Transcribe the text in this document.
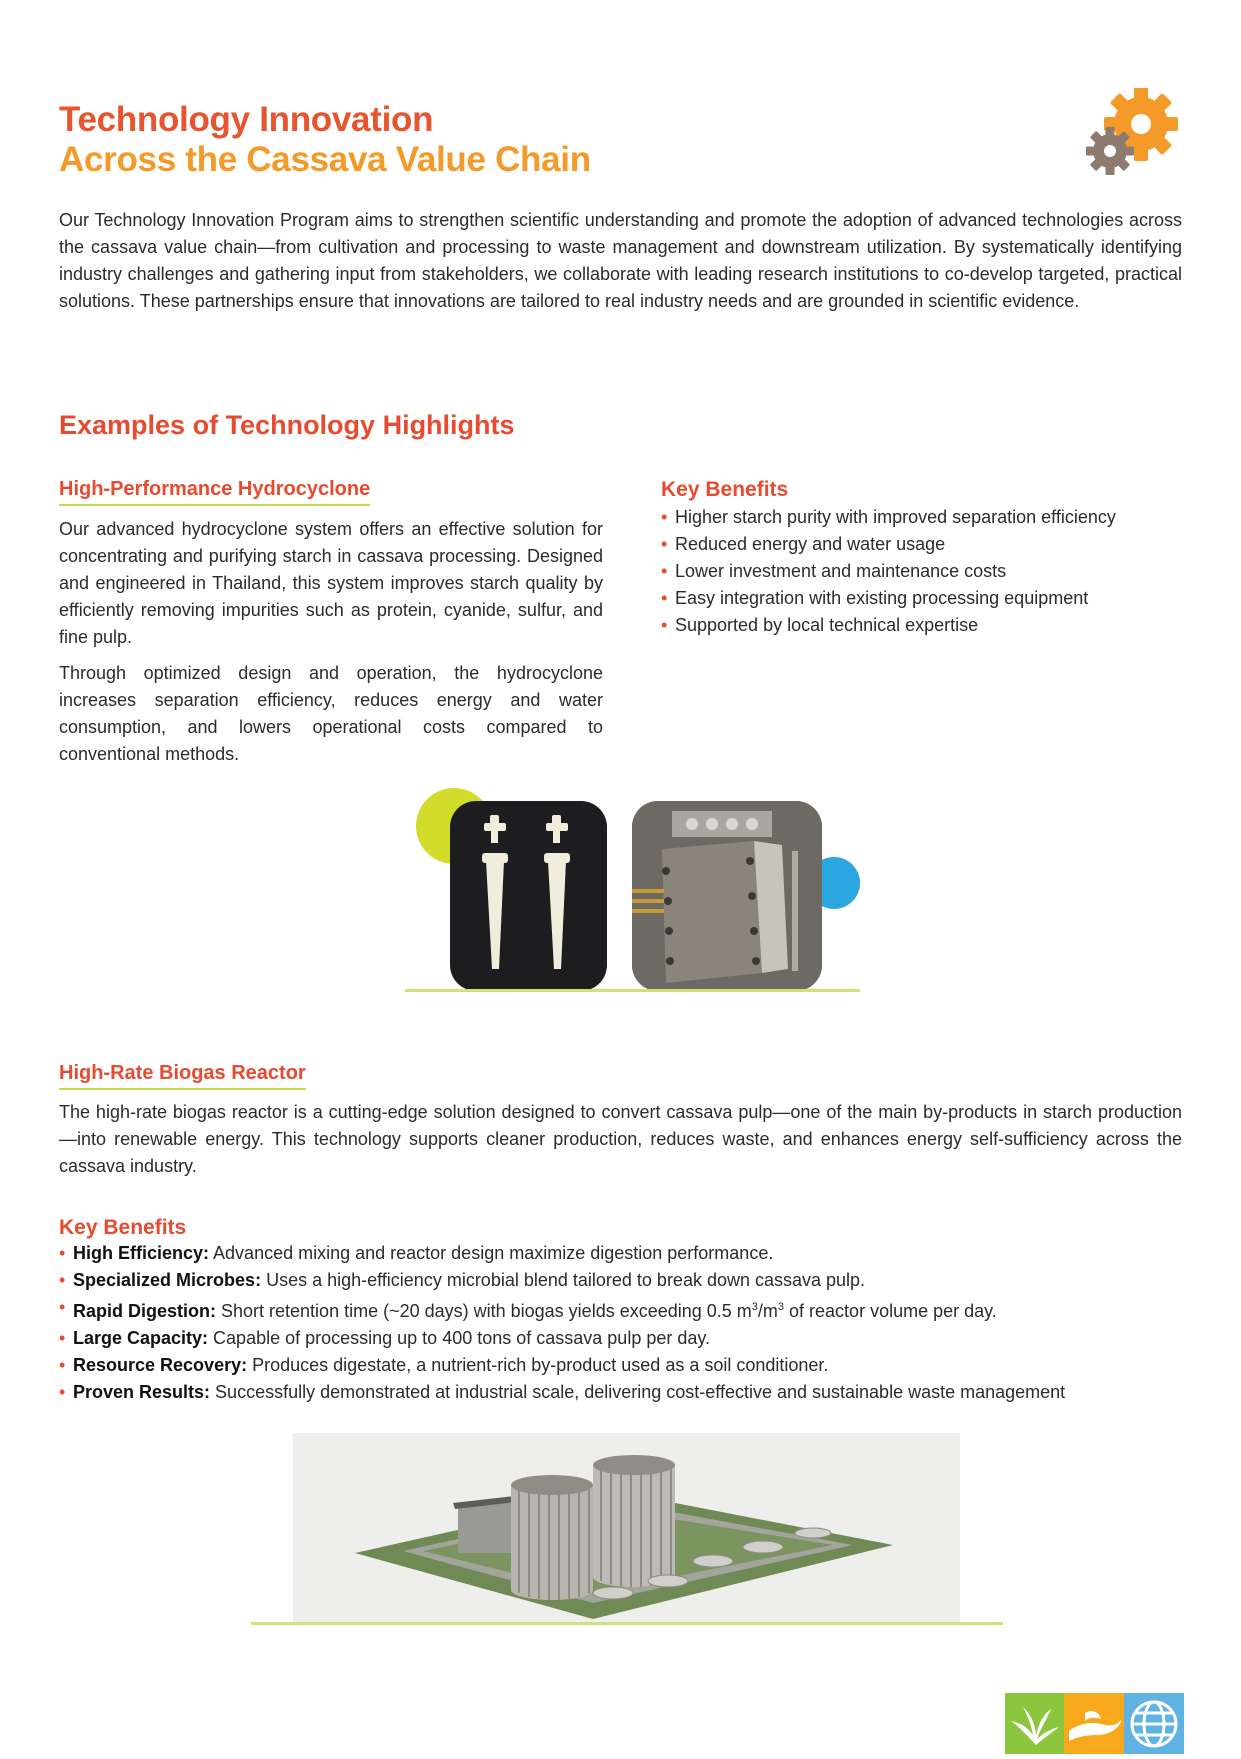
Technology Innovation
Across the Cassava Value Chain

Our Technology Innovation Program aims to strengthen scientific understanding and promote the adoption of advanced technologies across the cassava value chain—from cultivation and processing to waste management and downstream utilization. By systematically identifying industry challenges and gathering input from stakeholders, we collaborate with leading research institutions to co-develop targeted, practical solutions. These partnerships ensure that innovations are tailored to real industry needs and are grounded in scientific evidence.

Examples of Technology Highlights
High-Performance Hydrocyclone

Our advanced hydrocyclone system offers an effective solution for concentrating and purifying starch in cassava processing. Designed and engineered in Thailand, this system improves starch quality by efficiently removing impurities such as protein, cyanide, sulfur, and fine pulp.

Through optimized design and operation, the hydrocyclone increases separation efficiency, reduces energy and water consumption, and lowers operational costs compared to conventional methods.

Key Benefits
• Higher starch purity with improved separation efficiency
• Reduced energy and water usage
• Lower investment and maintenance costs
• Easy integration with existing processing equipment
• Supported by local technical expertise
High-Rate Biogas Reactor

The high-rate biogas reactor is a cutting-edge solution designed to convert cassava pulp—one of the main by-products in starch production—into renewable energy. This technology supports cleaner production, reduces waste, and enhances energy self-sufficiency across the cassava industry.

Key Benefits
• High Efficiency: Advanced mixing and reactor design maximize digestion performance.
• Specialized Microbes: Uses a high-efficiency microbial blend tailored to break down cassava pulp.
• Rapid Digestion: Short retention time (~20 days) with biogas yields exceeding 0.5 $m^3/m^3$ of reactor volume per day.
• Large Capacity: Capable of processing up to 400 tons of cassava pulp per day.
• Resource Recovery: Produces digestate, a nutrient-rich by-product used as a soil conditioner.
• Proven Results: Successfully demonstrated at industrial scale, delivering cost-effective and sustainable waste management
